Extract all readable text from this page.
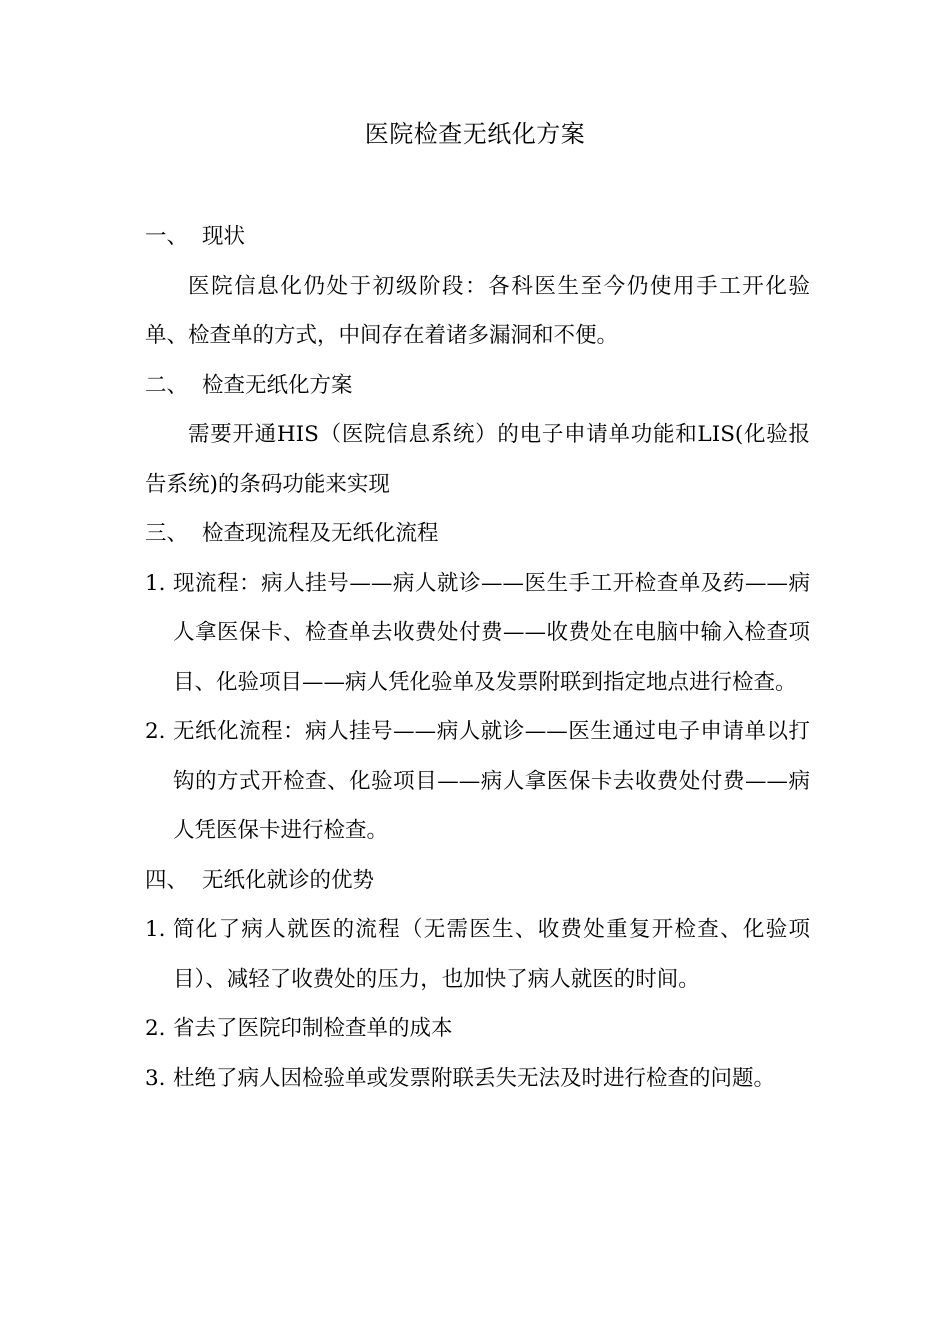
医院检查无纸化方案
一、 现状
医院信息化仍处于初级阶段：各科医生至今仍使用手工开化验单、检查单的方式，中间存在着诸多漏洞和不便。
二、 检查无纸化方案
需要开通HIS（医院信息系统）的电子申请单功能和LIS(化验报告系统)的条码功能来实现
三、 检查现流程及无纸化流程
1. 现流程：病人挂号——病人就诊——医生手工开检查单及药——病人拿医保卡、检查单去收费处付费——收费处在电脑中输入检查项目、化验项目——病人凭化验单及发票附联到指定地点进行检查。
2. 无纸化流程：病人挂号——病人就诊——医生通过电子申请单以打钩的方式开检查、化验项目——病人拿医保卡去收费处付费——病人凭医保卡进行检查。
四、 无纸化就诊的优势
1. 简化了病人就医的流程（无需医生、收费处重复开检查、化验项目）、减轻了收费处的压力，也加快了病人就医的时间。
2. 省去了医院印制检查单的成本
3. 杜绝了病人因检验单或发票附联丢失无法及时进行检查的问题。
